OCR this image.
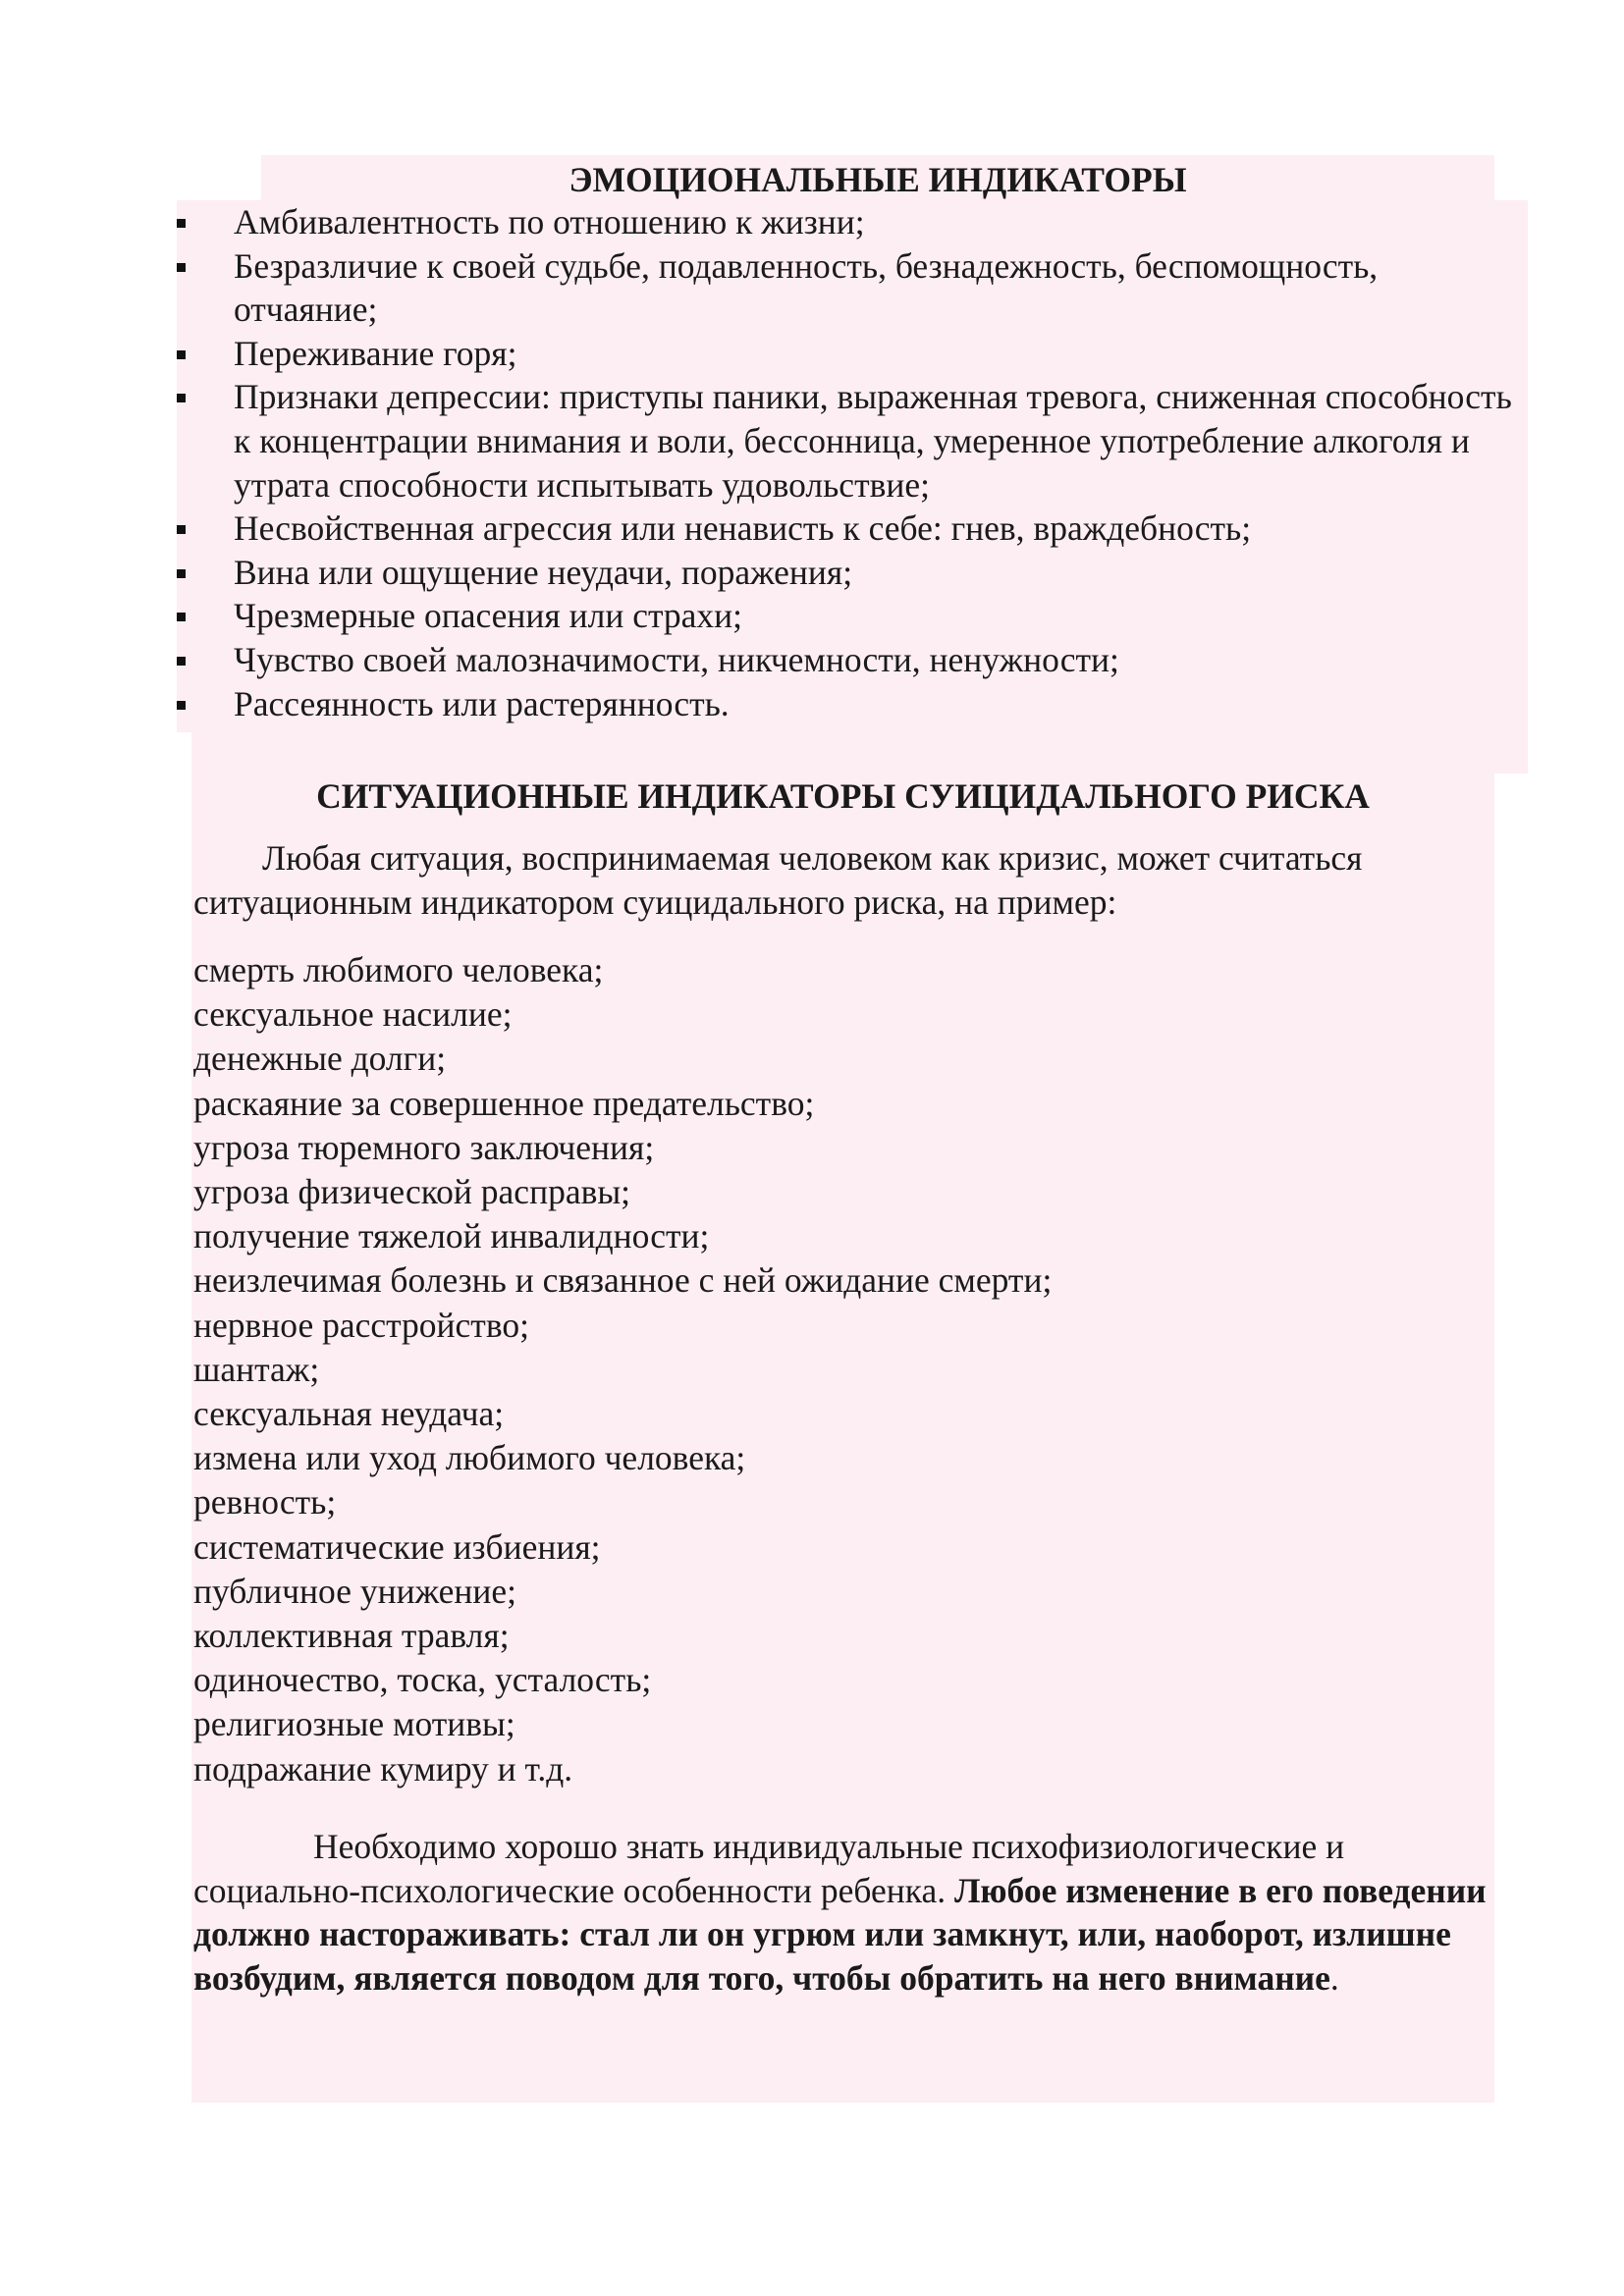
ЭМОЦИОНАЛЬНЫЕ ИНДИКАТОРЫ
Амбивалентность по отношению к жизни;
Безразличие к своей судьбе, подавленность, безнадежность, беспомощность, отчаяние;
Переживание горя;
Признаки депрессии: приступы паники, выраженная тревога, сниженная способность к концентрации внимания и воли, бессонница, умеренное употребление алкоголя и утрата способности испытывать удовольствие;
Несвойственная агрессия или ненависть к себе: гнев, враждебность;
Вина или ощущение неудачи, поражения;
Чрезмерные опасения или страхи;
Чувство своей малозначимости, никчемности, ненужности;
Рассеянность или растерянность.
СИТУАЦИОННЫЕ ИНДИКАТОРЫ СУИЦИДАЛЬНОГО РИСКА

Любая ситуация, воспринимаемая человеком как кризис, может считаться ситуационным индикатором суицидального риска, на пример:

смерть любимого человека;
сексуальное насилие;
денежные долги;
раскаяние за совершенное предательство;
угроза тюремного заключения;
угроза физической расправы;
получение тяжелой инвалидности;
неизлечимая болезнь и связанное с ней ожидание смерти;
нервное расстройство;
шантаж;
сексуальная неудача;
измена или уход любимого человека;
ревность;
систематические избиения;
публичное унижение;
коллективная травля;
одиночество, тоска, усталость;
религиозные мотивы;
подражание кумиру и т.д.

Необходимо хорошо знать индивидуальные психофизиологические и социально-психологические особенности ребенка. Любое изменение в его поведении должно настораживать: стал ли он угрюм или замкнут, или, наоборот, излишне возбудим, является поводом для того, чтобы обратить на него внимание.
